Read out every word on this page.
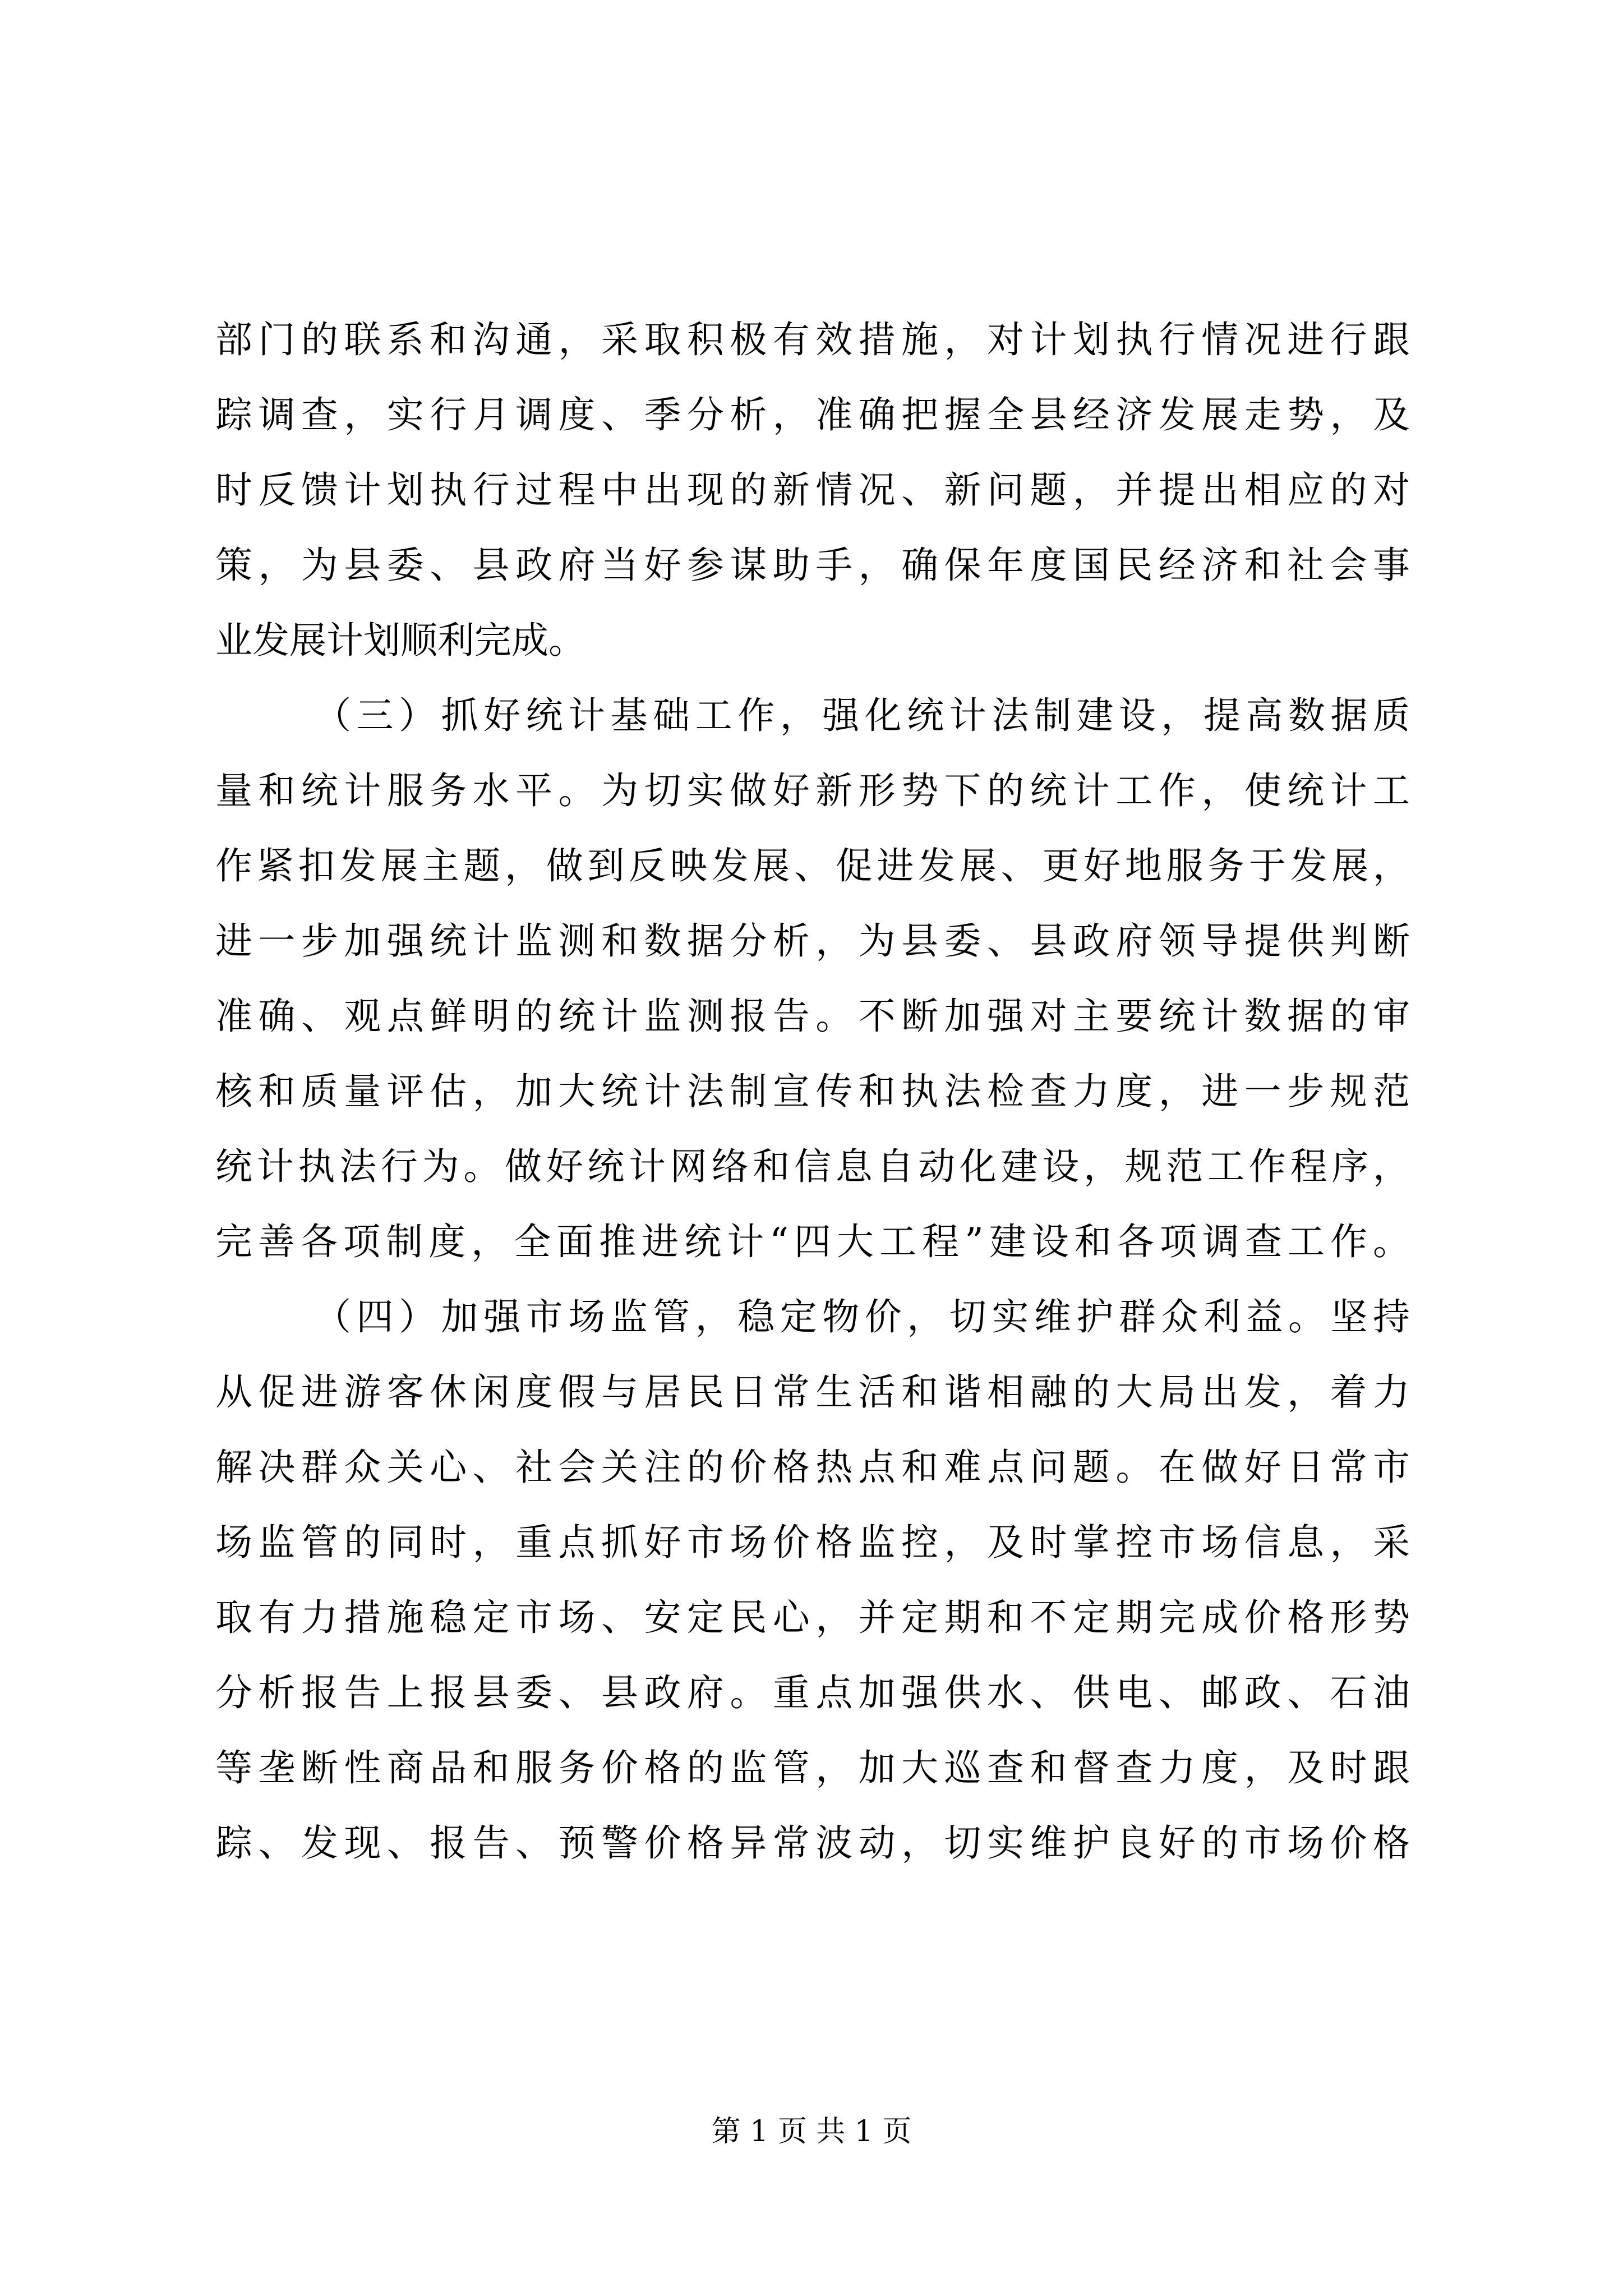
部门的联系和沟通，采取积极有效措施，对计划执行情况进行跟
踪调查，实行月调度、季分析，准确把握全县经济发展走势，及
时反馈计划执行过程中出现的新情况、新问题，并提出相应的对
策，为县委、县政府当好参谋助手，确保年度国民经济和社会事
业发展计划顺利完成。
（三）抓好统计基础工作，强化统计法制建设，提高数据质
量和统计服务水平。为切实做好新形势下的统计工作，使统计工
作紧扣发展主题，做到反映发展、促进发展、更好地服务于发展，
进一步加强统计监测和数据分析，为县委、县政府领导提供判断
准确、观点鲜明的统计监测报告。不断加强对主要统计数据的审
核和质量评估，加大统计法制宣传和执法检查力度，进一步规范
统计执法行为。做好统计网络和信息自动化建设，规范工作程序，
完善各项制度，全面推进统计“四大工程”建设和各项调查工作。
（四）加强市场监管，稳定物价，切实维护群众利益。坚持
从促进游客休闲度假与居民日常生活和谐相融的大局出发，着力
解决群众关心、社会关注的价格热点和难点问题。在做好日常市
场监管的同时，重点抓好市场价格监控，及时掌控市场信息，采
取有力措施稳定市场、安定民心，并定期和不定期完成价格形势
分析报告上报县委、县政府。重点加强供水、供电、邮政、石油
等垄断性商品和服务价格的监管，加大巡查和督查力度，及时跟
踪、发现、报告、预警价格异常波动，切实维护良好的市场价格
第 1 页 共 1 页
